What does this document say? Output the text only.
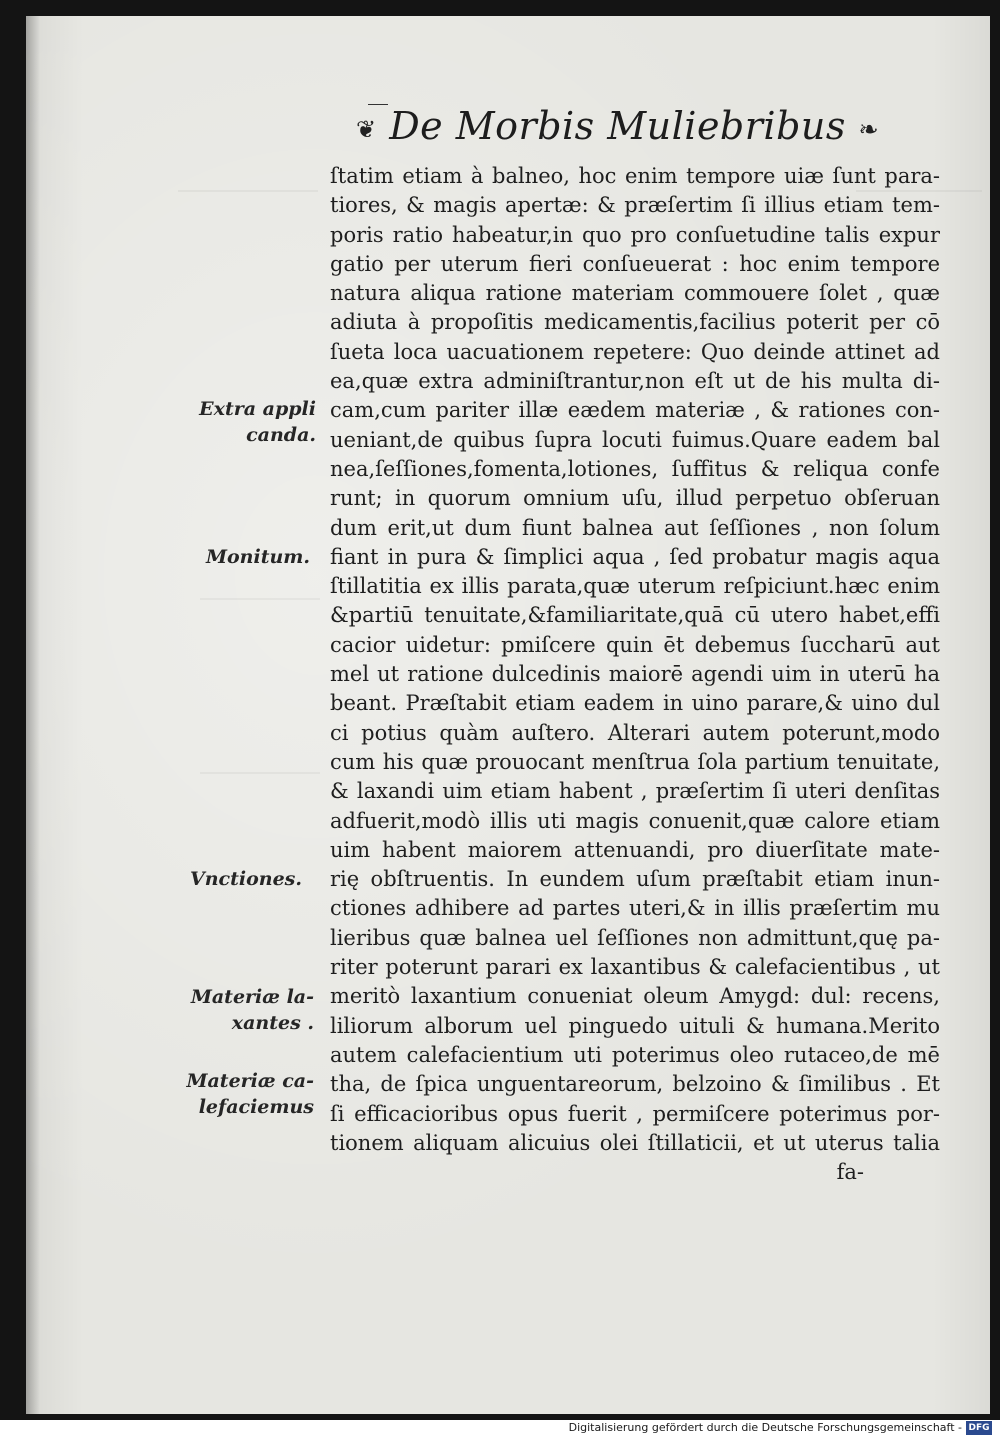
❦ De Morbis Muliebribus ❧
Extra appli
canda.
Monitum.
Vnctiones.
Materiæ la-
xantes .
Materiæ ca-
lefaciemus
ſtatim etiam à balneo, hoc enim tempore uiæ ſunt para-
tiores, & magis apertæ: & præſertim ſi illius etiam tem-
poris ratio habeatur,in quo pro conſuetudine talis expur
gatio per uterum fieri conſueuerat : hoc enim tempore
natura aliqua ratione materiam commouere ſolet , quæ
adiuta à propoſitis medicamentis,facilius poterit per cō
ſueta loca uacuationem repetere: Quo deinde attinet ad
ea,quæ extra adminiſtrantur,non eſt ut de his multa di-
cam,cum pariter illæ eædem materiæ , & rationes con-
ueniant,de quibus ſupra locuti fuimus.Quare eadem bal
nea,ſeſſiones,fomenta,lotiones, ſuffitus & reliqua confe
runt; in quorum omnium uſu, illud perpetuo obſeruan
dum erit,ut dum fiunt balnea aut ſeſſiones , non ſolum
fiant in pura & ſimplici aqua , ſed probatur magis aqua
ſtillatitia ex illis parata,quæ uterum reſpiciunt.hæc enim
&partiū tenuitate,&familiaritate,quā cū utero habet,effi
cacior uidetur: pmiſcere quin ēt debemus ſuccharū aut
mel ut ratione dulcedinis maiorē agendi uim in uterū ha
beant. Præſtabit etiam eadem in uino parare,& uino dul
ci potius quàm auſtero. Alterari autem poterunt,modo
cum his quæ prouocant menſtrua ſola partium tenuitate,
& laxandi uim etiam habent , præſertim ſi uteri denſitas
adfuerit,modò illis uti magis conuenit,quæ calore etiam
uim habent maiorem attenuandi, pro diuerſitate mate-
rię obſtruentis. In eundem uſum præſtabit etiam inun-
ctiones adhibere ad partes uteri,& in illis præſertim mu
lieribus quæ balnea uel ſeſſiones non admittunt,quę pa-
riter poterunt parari ex laxantibus & calefacientibus , ut
meritò laxantium conueniat oleum Amygd: dul: recens,
liliorum alborum uel pinguedo uituli & humana.Merito
autem calefacientium uti poterimus oleo rutaceo,de mē
tha, de ſpica unguentareorum, belzoino & ſimilibus . Et
ſi efficacioribus opus fuerit , permiſcere poterimus por-
tionem aliquam alicuius olei ſtillaticii, et ut uterus talia
fa-
Digitalisierung gefördert durch die Deutsche Forschungsgemeinschaft - DFG
